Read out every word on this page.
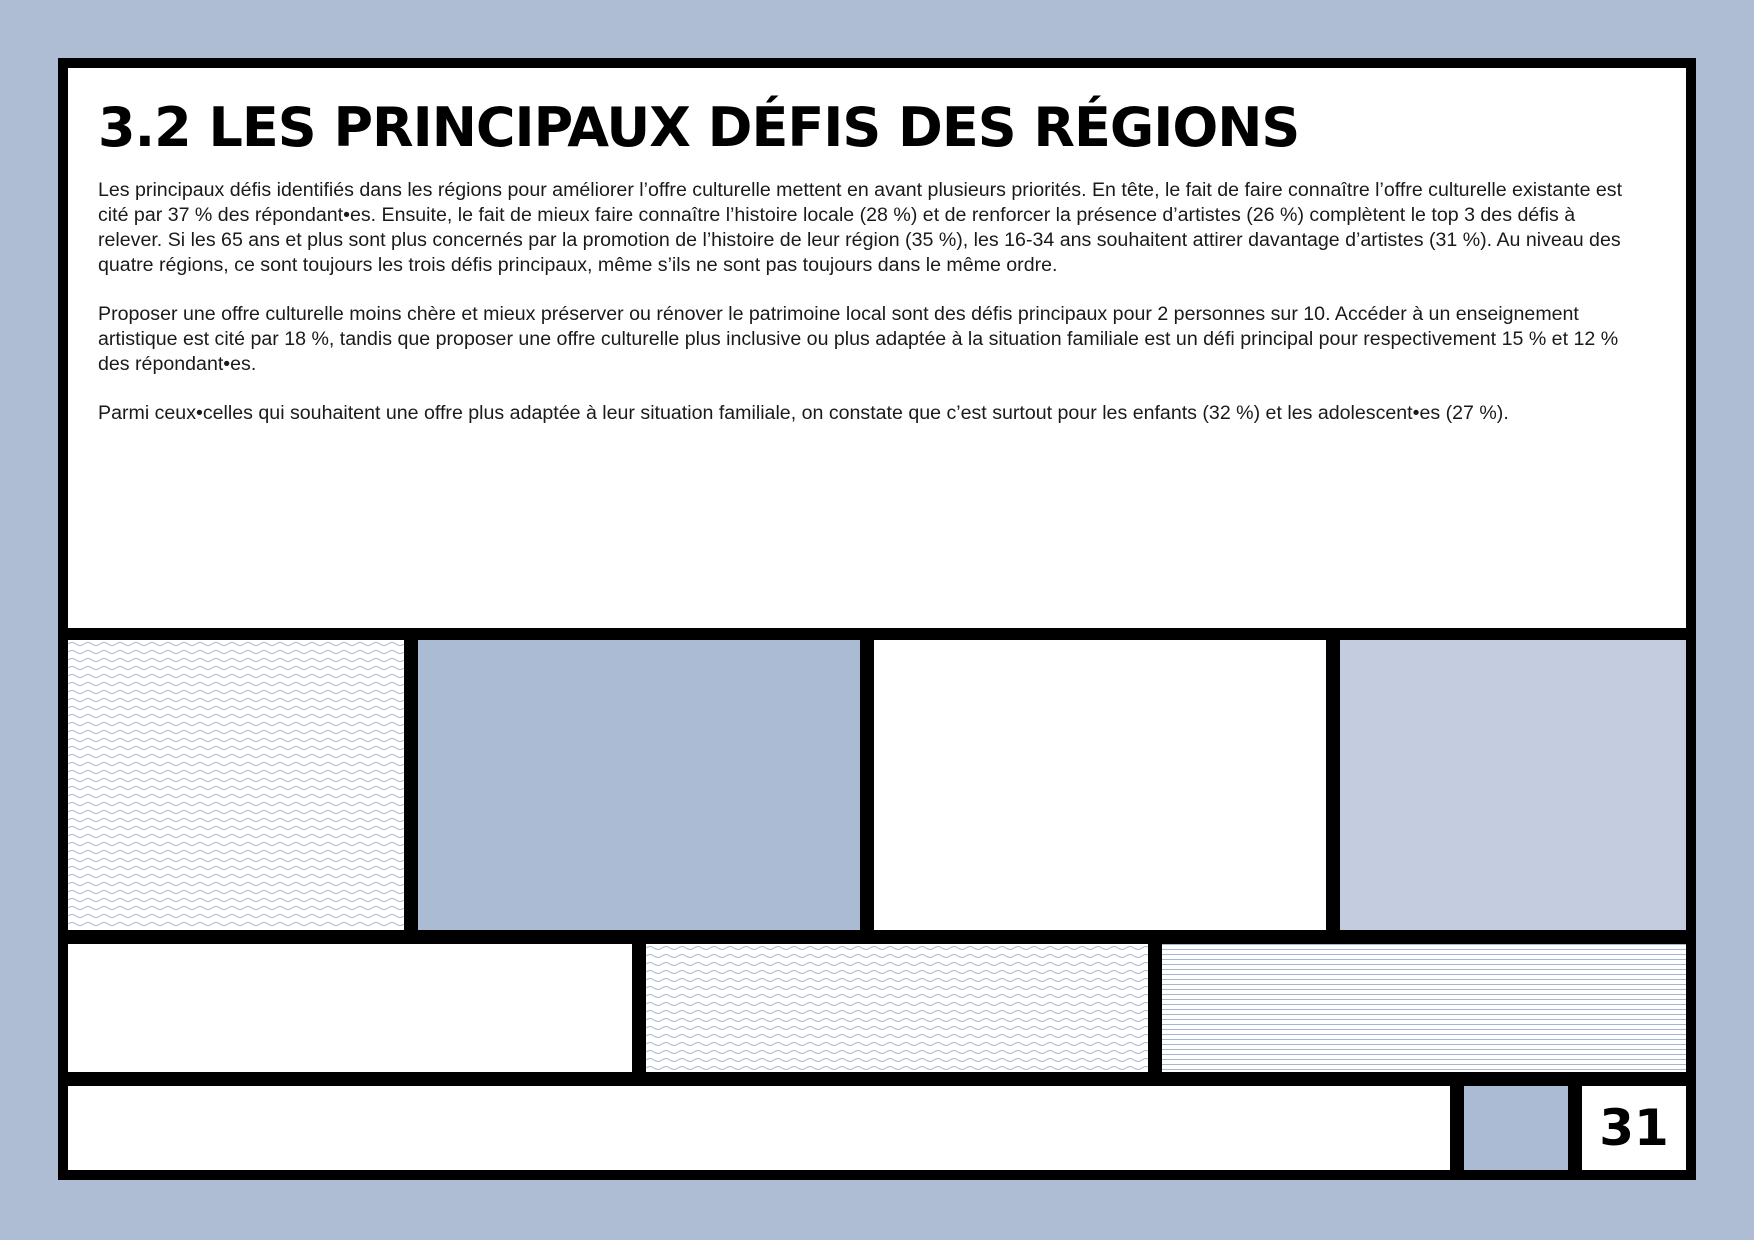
3.2 LES PRINCIPAUX DÉFIS DES RÉGIONS

Les principaux défis identifiés dans les régions pour améliorer l’offre culturelle mettent en avant plusieurs priorités. En tête, le fait de faire connaître l’offre culturelle existante est cité par 37 % des répondant•es. Ensuite, le fait de mieux faire connaître l’histoire locale (28 %) et de renforcer la présence d’artistes (26 %) complètent le top 3 des défis à relever. Si les 65 ans et plus sont plus concernés par la promotion de l’histoire de leur région (35 %), les 16-34 ans souhaitent attirer davantage d’artistes (31 %). Au niveau des quatre régions, ce sont toujours les trois défis principaux, même s’ils ne sont pas toujours dans le même ordre.

Proposer une offre culturelle moins chère et mieux préserver ou rénover le patrimoine local sont des défis principaux pour 2 personnes sur 10. Accéder à un enseignement artistique est cité par 18 %, tandis que proposer une offre culturelle plus inclusive ou plus adaptée à la situation familiale est un défi principal pour respectivement 15 % et 12 % des répondant•es.

Parmi ceux•celles qui souhaitent une offre plus adaptée à leur situation familiale, on constate que c’est surtout pour les enfants (32 %) et les adolescent•es (27 %).

31
